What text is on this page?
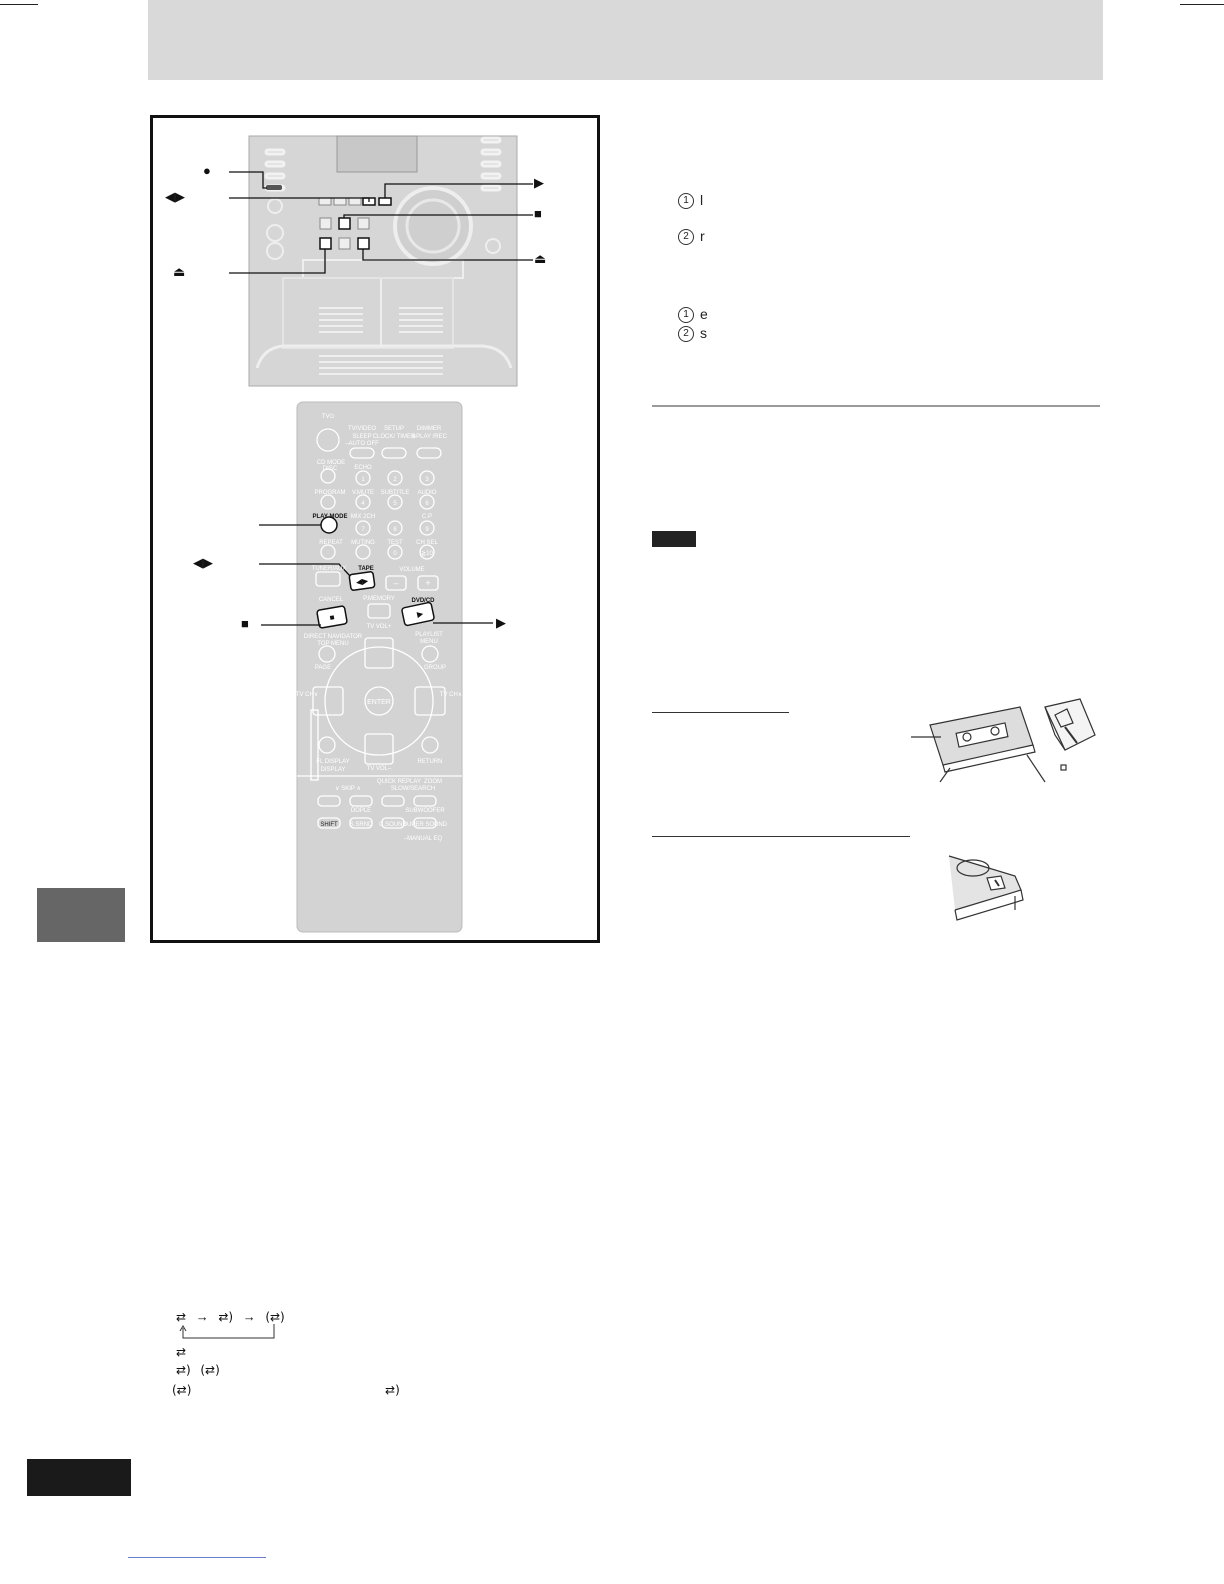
◀▶
■	▶
TV⏻
TV/VIDEO
SLEEP
–AUTO OFF
SETUP
CLOCK/ TIMER
DIMMER
⊕PLAY /REC
CD MODE
DISC	ECHO
PROGRAM V.MUTE SUBTITLE AUDIO
PLAY MODE MIX 2CH	C.P
REPEAT MUTING TEST CH SEL
TUNER/AUX TAPE	VOLUME
CANCEL	P.MEMORY	DVD/CD
DIRECT NAVIGATOR
TOP MENU
TV VOL+
PLAYLIST
MENU
PAGE	GROUP
TV CH∨	TV CH∧
ENTER
FL DISPLAY
DISPLAY
RETURN
TV VOL–
∨ SKIP ∧
QUICK REPLAY ZOOM
SLOW/SEARCH
SHIFT
DOPLE
S.SRND C.SOUND
SUBWOOFER
SUPER SOUND
–MANUAL EQ
1	2	3
4	5	6
7	8	9
0	≧10
+
–
●
◀▶
⏏
▶
■
⏏
◀▶
■	▶
1 l
2 r
1 e
2 s
⇄ → ⇄) → (⇄)
⇄
⇄) (⇄)
(⇄)	⇄)
